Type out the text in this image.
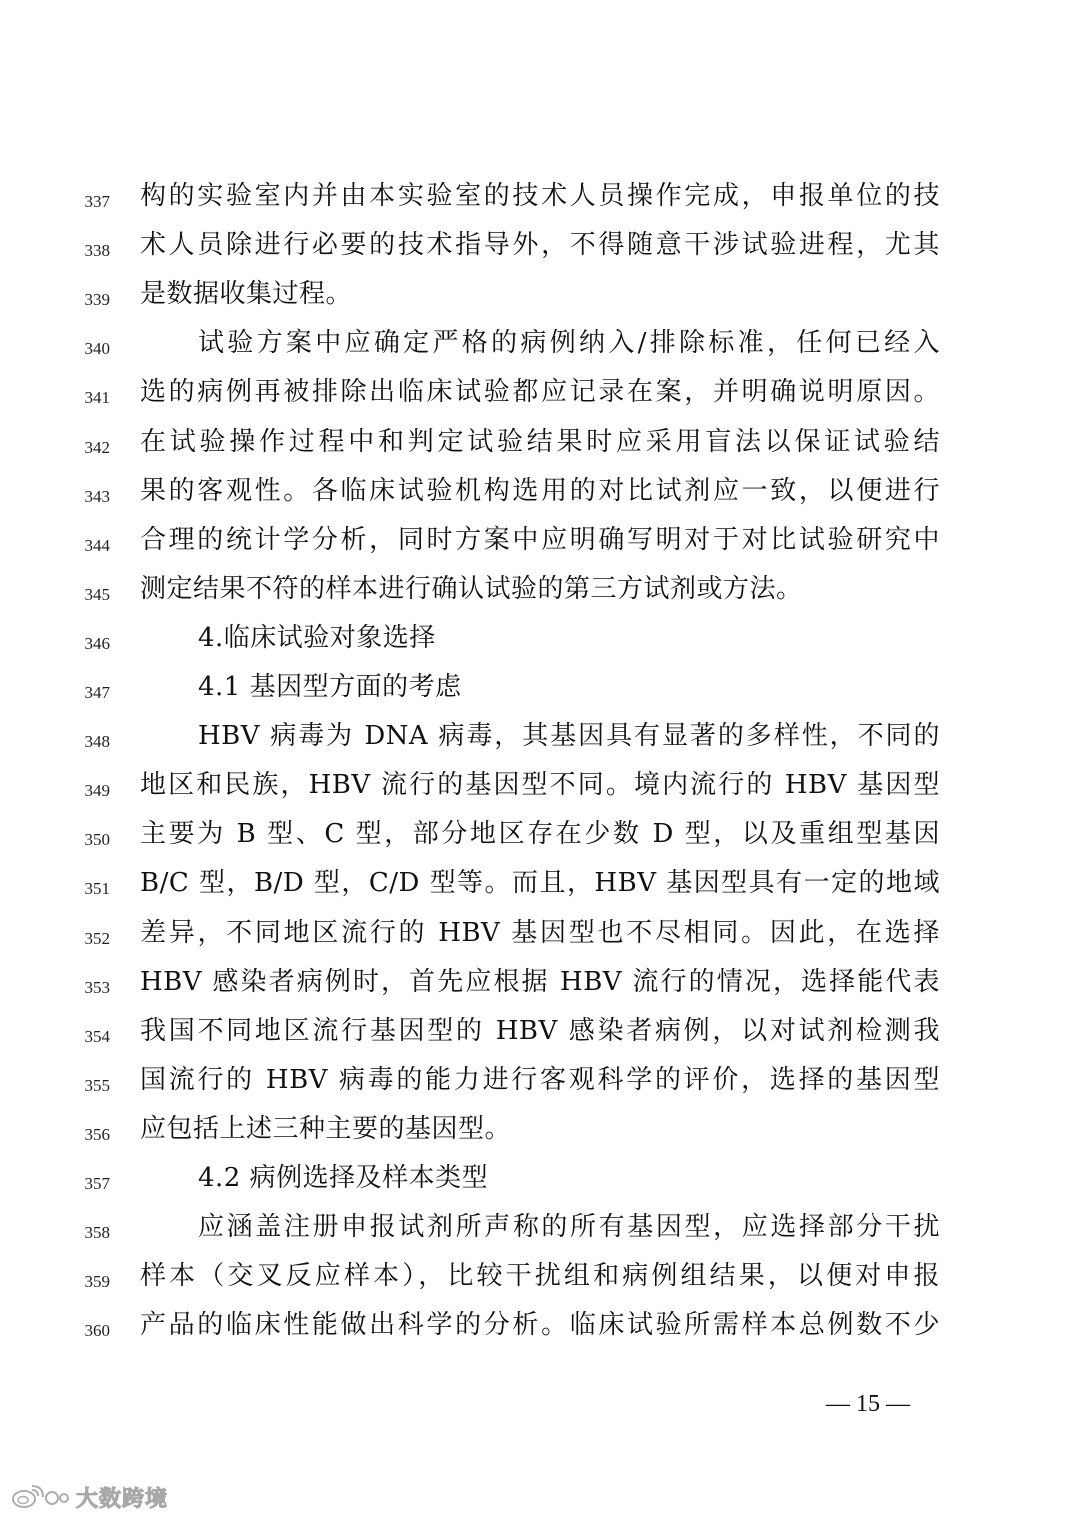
337 构的实验室内并由本实验室的技术人员操作完成，申报单位的技
338 术人员除进行必要的技术指导外，不得随意干涉试验进程，尤其
339 是数据收集过程。
340	试验方案中应确定严格的病例纳入/排除标准，任何已经入
341 选的病例再被排除出临床试验都应记录在案，并明确说明原因。
342 在试验操作过程中和判定试验结果时应采用盲法以保证试验结
343 果的客观性。各临床试验机构选用的对比试剂应一致，以便进行
344 合理的统计学分析，同时方案中应明确写明对于对比试验研究中
345 测定结果不符的样本进行确认试验的第三方试剂或方法。
346	4.临床试验对象选择
347	4.1 基因型方面的考虑
348	HBV 病毒为 DNA 病毒，其基因具有显著的多样性，不同的
349 地区和民族，HBV 流行的基因型不同。境内流行的 HBV 基因型
350 主要为 B 型、C 型，部分地区存在少数 D 型，以及重组型基因
351 B/C 型，B/D 型，C/D 型等。而且，HBV 基因型具有一定的地域
352 差异，不同地区流行的 HBV 基因型也不尽相同。因此，在选择
353 HBV 感染者病例时，首先应根据 HBV 流行的情况，选择能代表
354 我国不同地区流行基因型的 HBV 感染者病例，以对试剂检测我
355 国流行的 HBV 病毒的能力进行客观科学的评价，选择的基因型
356 应包括上述三种主要的基因型。
357	4.2 病例选择及样本类型
358	应涵盖注册申报试剂所声称的所有基因型，应选择部分干扰
359 样本（交叉反应样本），比较干扰组和病例组结果，以便对申报
360 产品的临床性能做出科学的分析。临床试验所需样本总例数不少
— 15 —
大数跨境
